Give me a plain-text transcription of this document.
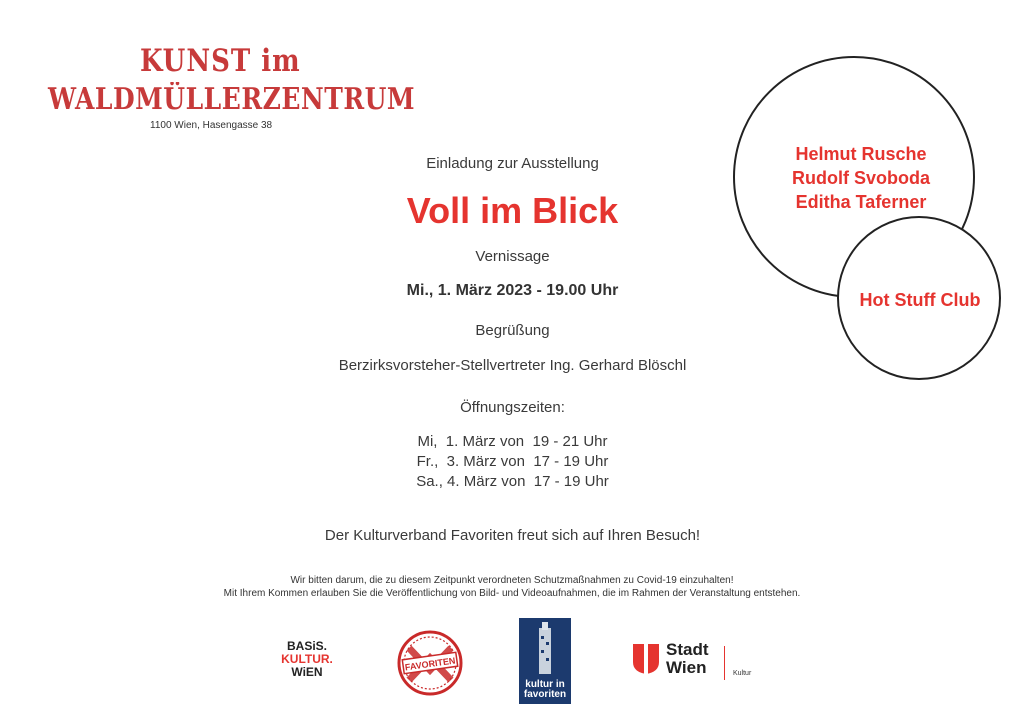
KUNST im
WALDMÜLLERZENTRUM
1100 Wien, Hasengasse 38
Einladung zur Ausstellung
Voll im Blick
Vernissage
Mi., 1. März 2023 - 19.00 Uhr
Begrüßung
Berzirksvorsteher-Stellvertreter Ing. Gerhard Blöschl
Öffnungszeiten:
Mi,  1. März von  19 - 21 Uhr
Fr.,  3. März von  17 - 19 Uhr
Sa., 4. März von  17 - 19 Uhr
Der Kulturverband Favoriten freut sich auf Ihren Besuch!
Wir bitten darum, die zu diesem Zeitpunkt verordneten Schutzmaßnahmen zu Covid-19 einzuhalten!
Mit Ihrem Kommen erlauben Sie die Veröffentlichung von Bild- und Videoaufnahmen, die im Rahmen der Veranstaltung entstehen.
Helmut Rusche
Rudolf Svoboda
Editha Taferner
Hot Stuff Club
BASiS.
KULTUR.
WiEN	FAVORITEN
kultur in
favoriten
Stadt
Wien	Kultur
